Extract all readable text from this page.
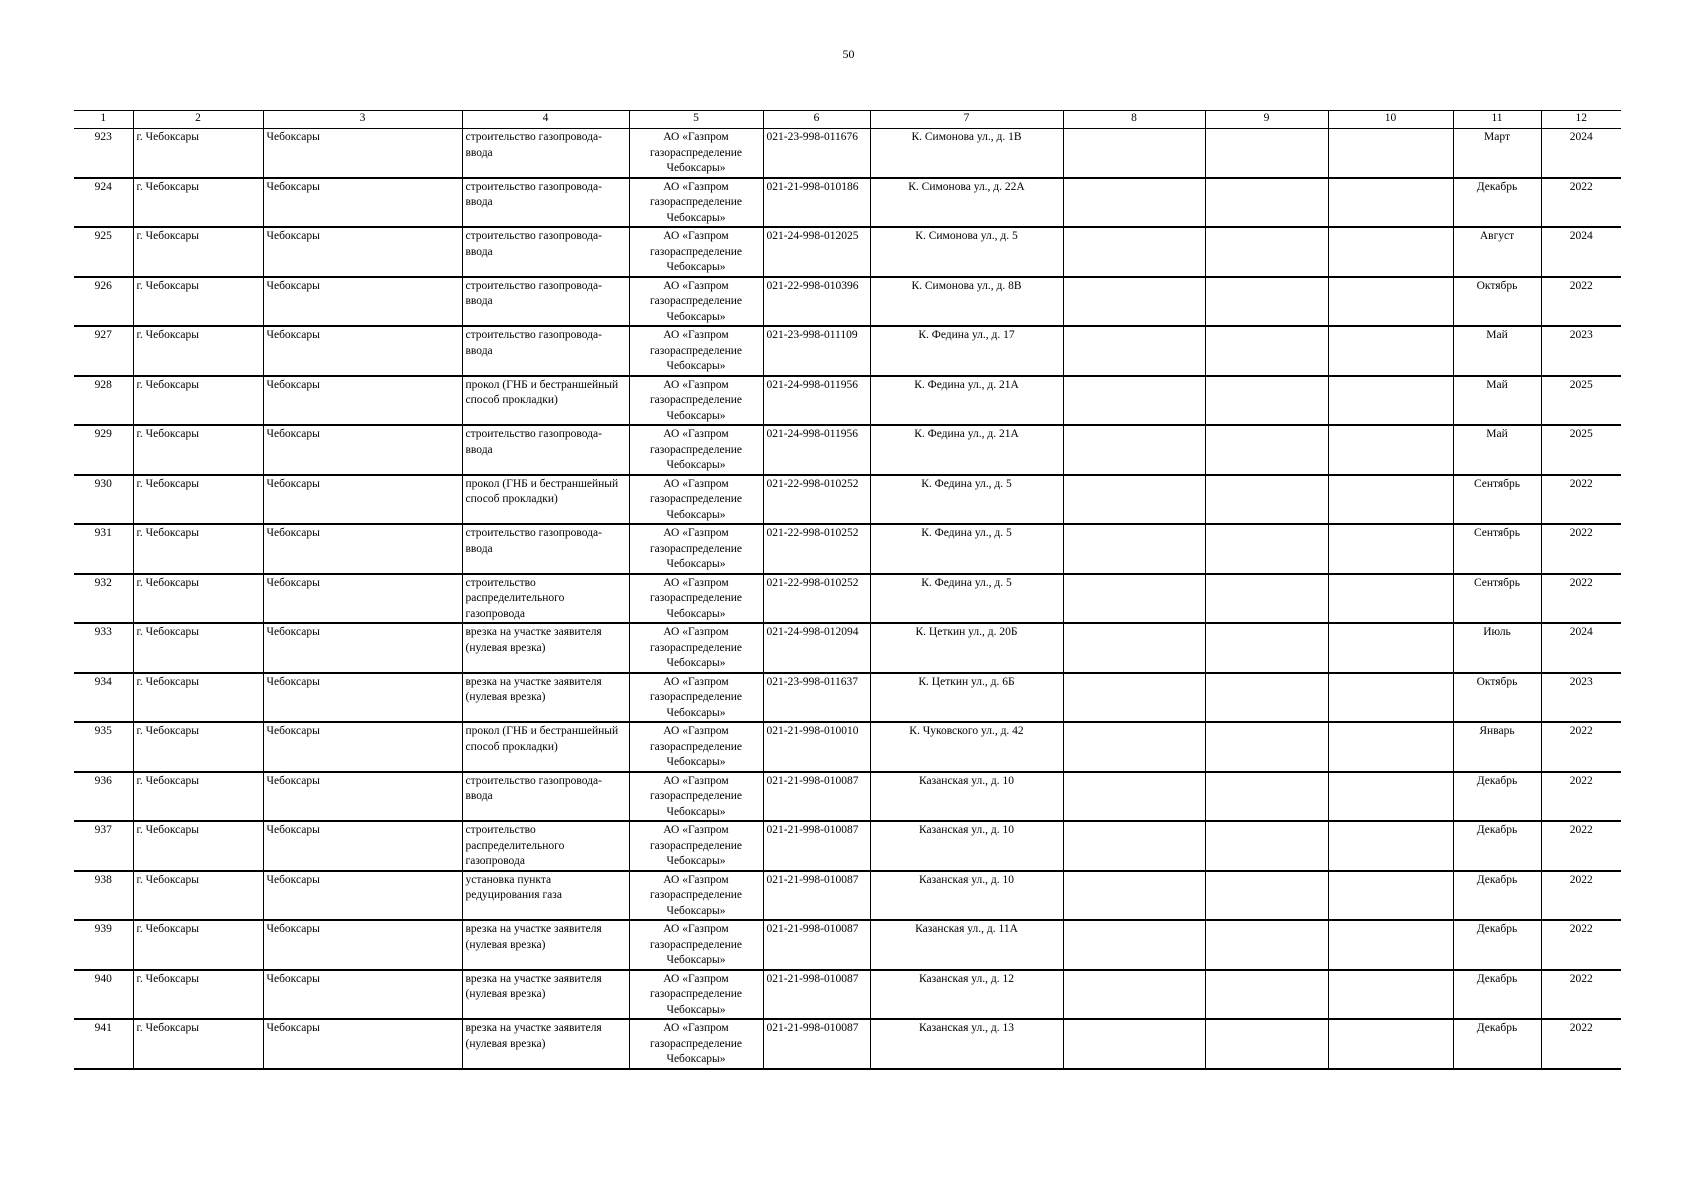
50
1	2	3	4	5	6	7	8	9	10	11	12
923	г. Чебоксары	Чебоксары	строительство газопровода-ввода	АО «Газпром газораспределение Чебоксары»	021-23-998-011676	К. Симонова ул., д. 1В				Март	2024
924	г. Чебоксары	Чебоксары	строительство газопровода-ввода	АО «Газпром газораспределение Чебоксары»	021-21-998-010186	К. Симонова ул., д. 22А				Декабрь	2022
925	г. Чебоксары	Чебоксары	строительство газопровода-ввода	АО «Газпром газораспределение Чебоксары»	021-24-998-012025	К. Симонова ул., д. 5				Август	2024
926	г. Чебоксары	Чебоксары	строительство газопровода-ввода	АО «Газпром газораспределение Чебоксары»	021-22-998-010396	К. Симонова ул., д. 8В				Октябрь	2022
927	г. Чебоксары	Чебоксары	строительство газопровода-ввода	АО «Газпром газораспределение Чебоксары»	021-23-998-011109	К. Федина ул., д. 17				Май	2023
928	г. Чебоксары	Чебоксары	прокол (ГНБ и бестраншейный способ прокладки)	АО «Газпром газораспределение Чебоксары»	021-24-998-011956	К. Федина ул., д. 21А				Май	2025
929	г. Чебоксары	Чебоксары	строительство газопровода-ввода	АО «Газпром газораспределение Чебоксары»	021-24-998-011956	К. Федина ул., д. 21А				Май	2025
930	г. Чебоксары	Чебоксары	прокол (ГНБ и бестраншейный способ прокладки)	АО «Газпром газораспределение Чебоксары»	021-22-998-010252	К. Федина ул., д. 5				Сентябрь	2022
931	г. Чебоксары	Чебоксары	строительство газопровода-ввода	АО «Газпром газораспределение Чебоксары»	021-22-998-010252	К. Федина ул., д. 5				Сентябрь	2022
932	г. Чебоксары	Чебоксары	строительство распределительного газопровода	АО «Газпром газораспределение Чебоксары»	021-22-998-010252	К. Федина ул., д. 5				Сентябрь	2022
933	г. Чебоксары	Чебоксары	врезка на участке заявителя (нулевая врезка)	АО «Газпром газораспределение Чебоксары»	021-24-998-012094	К. Цеткин ул., д. 20Б				Июль	2024
934	г. Чебоксары	Чебоксары	врезка на участке заявителя (нулевая врезка)	АО «Газпром газораспределение Чебоксары»	021-23-998-011637	К. Цеткин ул., д. 6Б				Октябрь	2023
935	г. Чебоксары	Чебоксары	прокол (ГНБ и бестраншейный способ прокладки)	АО «Газпром газораспределение Чебоксары»	021-21-998-010010	К. Чуковского ул., д. 42				Январь	2022
936	г. Чебоксары	Чебоксары	строительство газопровода-ввода	АО «Газпром газораспределение Чебоксары»	021-21-998-010087	Казанская ул., д. 10				Декабрь	2022
937	г. Чебоксары	Чебоксары	строительство распределительного газопровода	АО «Газпром газораспределение Чебоксары»	021-21-998-010087	Казанская ул., д. 10				Декабрь	2022
938	г. Чебоксары	Чебоксары	установка пункта редуцирования газа	АО «Газпром газораспределение Чебоксары»	021-21-998-010087	Казанская ул., д. 10				Декабрь	2022
939	г. Чебоксары	Чебоксары	врезка на участке заявителя (нулевая врезка)	АО «Газпром газораспределение Чебоксары»	021-21-998-010087	Казанская ул., д. 11А				Декабрь	2022
940	г. Чебоксары	Чебоксары	врезка на участке заявителя (нулевая врезка)	АО «Газпром газораспределение Чебоксары»	021-21-998-010087	Казанская ул., д. 12				Декабрь	2022
941	г. Чебоксары	Чебоксары	врезка на участке заявителя (нулевая врезка)	АО «Газпром газораспределение Чебоксары»	021-21-998-010087	Казанская ул., д. 13				Декабрь	2022
